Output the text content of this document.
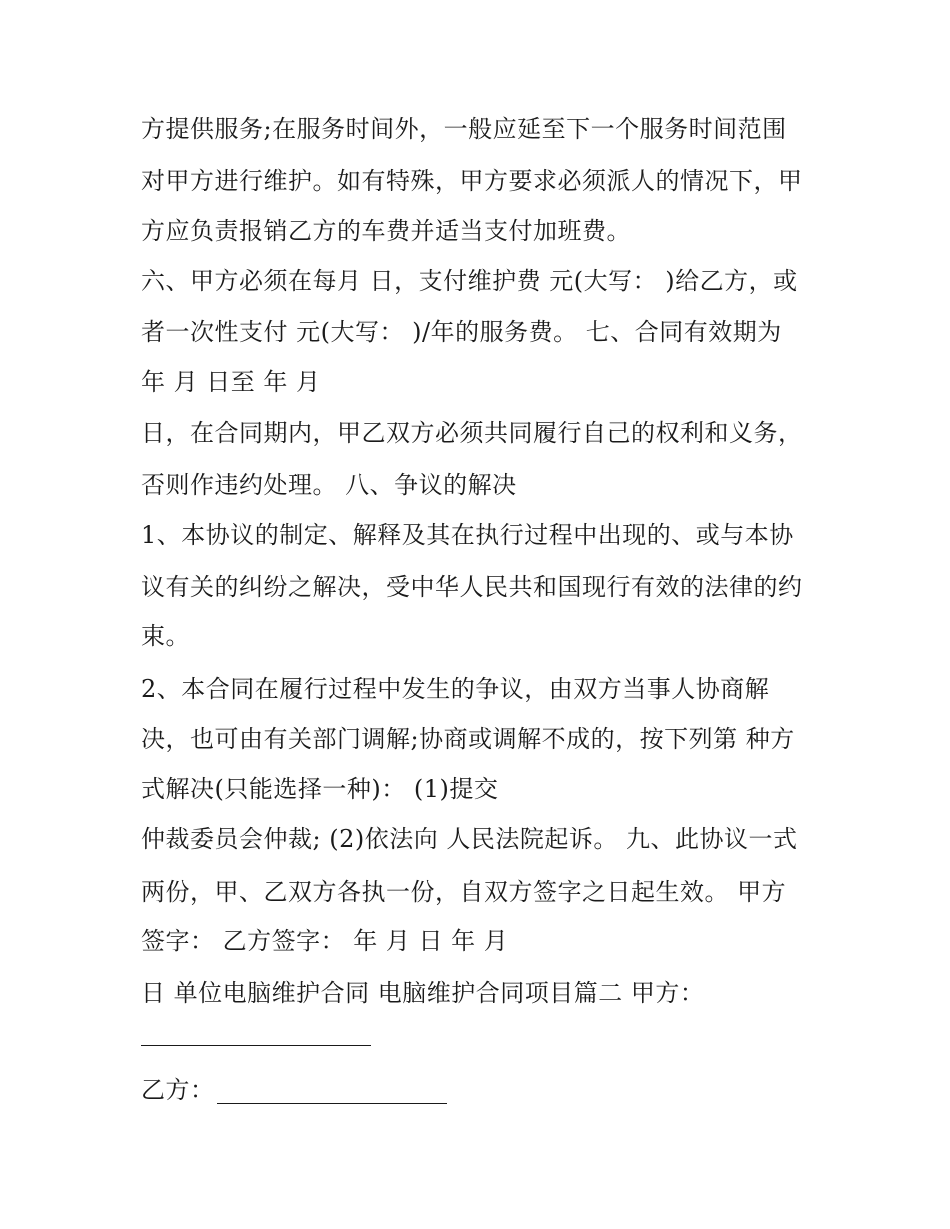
方提供服务;在服务时间外，一般应延至下一个服务时间范围
对甲方进行维护。如有特殊，甲方要求必须派人的情况下，甲
方应负责报销乙方的车费并适当支付加班费。
六、甲方必须在每月 日，支付维护费 元(大写： )给乙方，或
者一次性支付 元(大写： )/年的服务费。 七、合同有效期为
年 月 日至 年 月
日，在合同期内，甲乙双方必须共同履行自己的权利和义务，
否则作违约处理。 八、争议的解决
1、本协议的制定、解释及其在执行过程中出现的、或与本协
议有关的纠纷之解决，受中华人民共和国现行有效的法律的约
束。
2、本合同在履行过程中发生的争议，由双方当事人协商解
决，也可由有关部门调解;协商或调解不成的，按下列第 种方
式解决(只能选择一种)： (1)提交
仲裁委员会仲裁; (2)依法向 人民法院起诉。 九、此协议一式
两份，甲、乙双方各执一份，自双方签字之日起生效。 甲方
签字： 乙方签字： 年 月 日 年 月
日 单位电脑维护合同 电脑维护合同项目篇二 甲方：
乙方：
